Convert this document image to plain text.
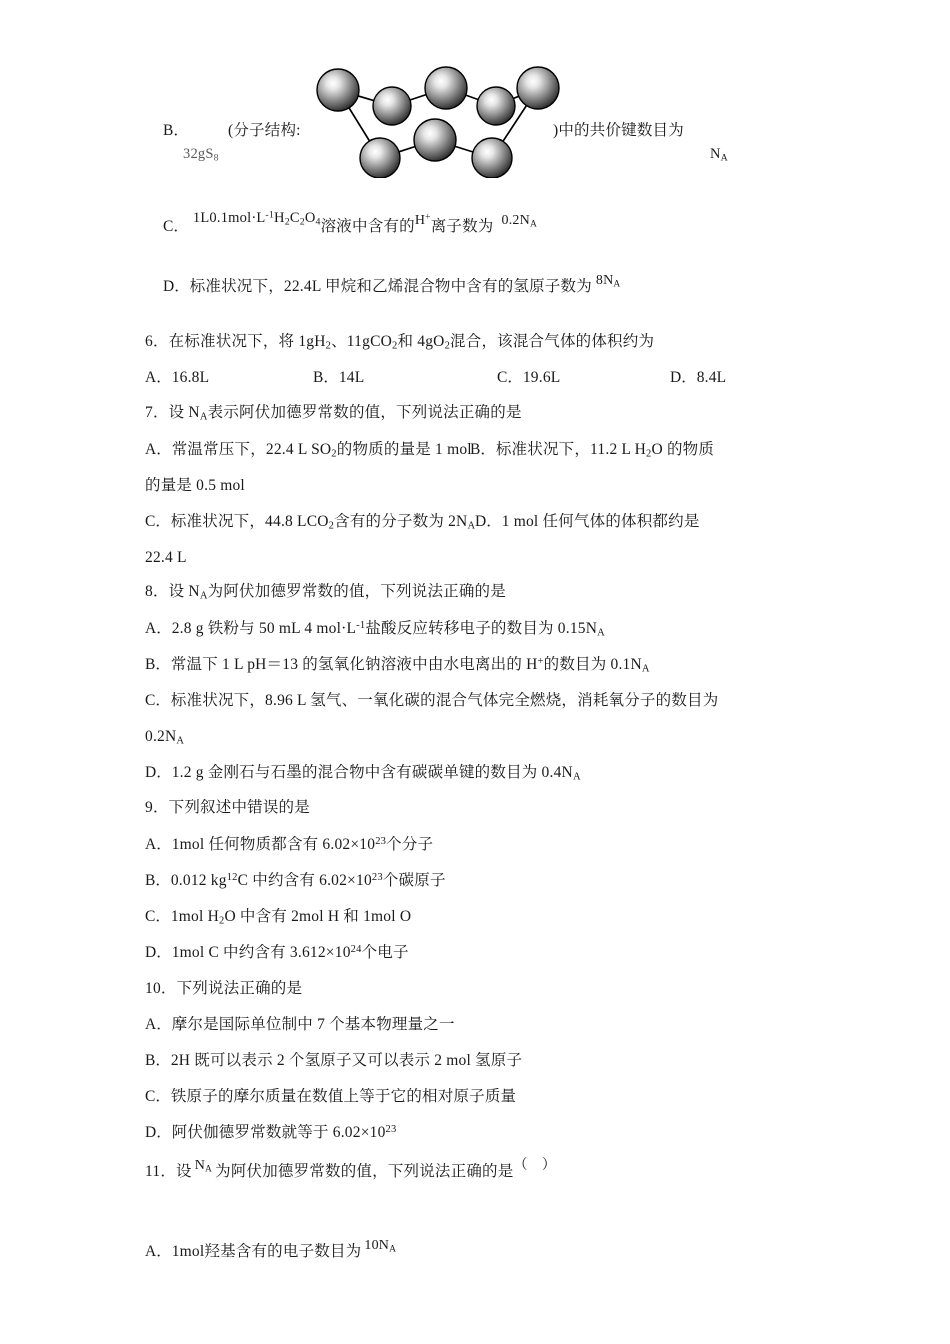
B．
$32gS_8$
(分子结构:	)中的共价键数目为
$N_A$
C． $1L0.1mol\cdot L^{-1}H_2C_2O_4$溶液中含有的H+离子数为 $0.2N_A$
D．标准状况下，22.4L 甲烷和乙烯混合物中含有的氢原子数为 $8N_A$
6．在标准状况下，将 $1gH_2$、11gCO$_2$和 $4gO_2$混合，该混合气体的体积约为
A．16.8L	B．14L	C．19.6L	D．8.4L
7．设 $N_A$表示阿伏加德罗常数的值，下列说法正确的是
A．常温常压下，22.4 L $SO_2$的物质的量是 1 mol
B．标准状况下，11.2 L $H_2O$ 的物质
的量是 0.5 mol
C．标准状况下，44.8 $LCO_2$含有的分子数为 $2N_A$ D．1 mol 任何气体的体积都约是
22.4 L
8．设 $N_A$为阿伏加德罗常数的值，下列说法正确的是
A．2.8 g 铁粉与 50 mL 4 $mol\cdot L^{-1}$盐酸反应转移电子的数目为 $0.15N_A$
B．常温下 1 L pH＝13 的氢氧化钠溶液中由水电离出的 H+的数目为 $0.1N_A$
C．标准状况下，8.96 L 氢气、一氧化碳的混合气体完全燃烧，消耗氧分子的数目为
$0.2N_A$
D．1.2 g 金刚石与石墨的混合物中含有碳碳单键的数目为 $0.4N_A$
9．下列叙述中错误的是
A．1mol 任何物质都含有 $6.02\times 10^{23}$个分子
B．0.012 $kg^{12}C$ 中约含有 $6.02\times 10^{23}$个碳原子
C．1mol $H_2O$ 中含有 2mol H 和 1mol O
D．1mol C 中约含有 $3.612\times 10^{24}$个电子
10．下列说法正确的是
A．摩尔是国际单位制中 7 个基本物理量之一
B．2H 既可以表示 2 个氢原子又可以表示 2 mol 氢原子
C．铁原子的摩尔质量在数值上等于它的相对原子质量
D．阿伏伽德罗常数就等于 $6.02\times 10^{23}$
11．设 $N_A$ 为阿伏加德罗常数的值，下列说法正确的是（　）
A．1mol羟基含有的电子数目为 $10N_A$
